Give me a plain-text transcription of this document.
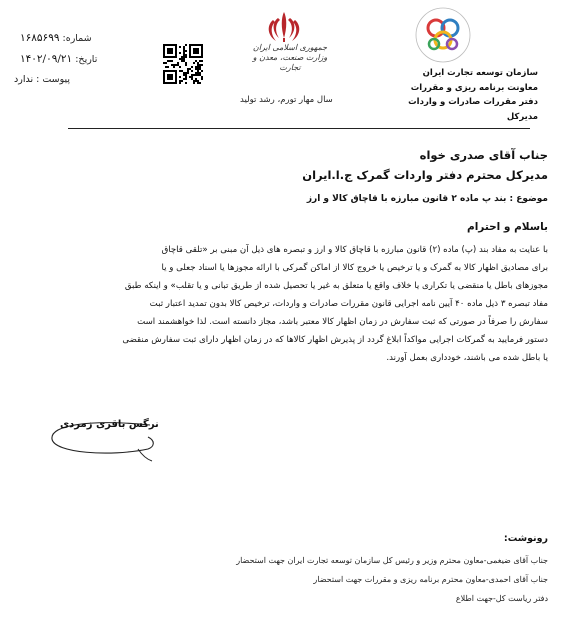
شماره: ۱۶۸۵۶۹۹
تاریخ: ۱۴۰۲/۰۹/۲۱
پیوست : ندارد
جمهوری اسلامی ایران
وزارت صنعت، معدن و تجارت
سال مهار تورم، رشد تولید
سازمان توسعه تجارت ایران
معاونت برنامه ریزی و مقررات
دفتر مقررات صادرات و واردات
مدیرکل
جناب آقای صدری خواه
مدیرکل محترم دفتر واردات گمرک ج.ا.ایران
موضوع : بند پ ماده ۲ قانون مبارزه با قاچاق کالا و ارز
باسلام و احترام

با عنایت به مفاد بند (پ) ماده (۲) قانون مبارزه با قاچاق کالا و ارز و تبصره های ذیل آن مبنی بر «تلقی قاچاق

برای مصادیق اظهار کالا به گمرک و یا ترخیص یا خروج کالا از اماکن گمرکی با ارائه مجوزها یا اسناد جعلی و یا

مجوزهای باطل یا منقضی یا تکراری یا خلاف واقع یا متعلق به غیر یا تحصیل شده از طریق تبانی و یا تقلب» و اینکه طبق

مفاد تبصره ۳ ذیل ماده ۴۰ آیین نامه اجرایی قانون مقررات صادرات و واردات، ترخیص کالا بدون تمدید اعتبار ثبت

سفارش را صرفاً در صورتی که ثبت سفارش در زمان اظهار کالا معتبر باشد، مجاز دانسته است. لذا خواهشمند است

دستور فرمایید به گمرکات اجرایی مواکداً ابلاغ گردد از پذیرش اظهار کالاها که در زمان اظهار دارای ثبت سفارش منقضی

یا باطل شده می باشند، خودداری بعمل آورند.

نرگس باقری زمردی
رونوشت:
جناب آقای ضیغمی-معاون محترم وزیر و رئیس کل سازمان توسعه تجارت ایران جهت استحضار
جناب آقای احمدی-معاون محترم برنامه ریزی و مقررات جهت استحضار
دفتر ریاست کل-جهت اطلاع
